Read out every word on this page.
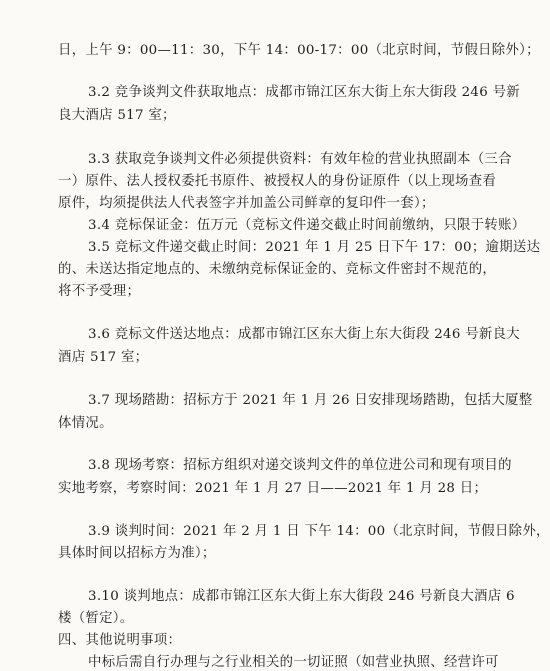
日，上午 9：00—11：30，下午 14：00-17：00（北京时间，节假日除外）；
3.2 竞争谈判文件获取地点：成都市锦江区东大街上东大街段 246 号新
良大酒店 517 室；
3.3 获取竞争谈判文件必须提供资料：有效年检的营业执照副本（三合
一）原件、法人授权委托书原件、被授权人的身份证原件（以上现场查看
原件，均须提供法人代表签字并加盖公司鲜章的复印件一套）；
3.4 竞标保证金：伍万元（竞标文件递交截止时间前缴纳，只限于转账）
3.5 竞标文件递交截止时间：2021 年 1 月 25 日下午 17：00；逾期送达
的、未送达指定地点的、未缴纳竞标保证金的、竞标文件密封不规范的，
将不予受理；
3.6 竞标文件送达地点：成都市锦江区东大街上东大街段 246 号新良大
酒店 517 室；
3.7 现场踏勘：招标方于 2021 年 1 月 26 日安排现场踏勘，包括大厦整
体情况。
3.8 现场考察：招标方组织对递交谈判文件的单位进公司和现有项目的
实地考察，考察时间：2021 年 1 月 27 日——2021 年 1 月 28 日；
3.9 谈判时间：2021 年 2 月 1 日 下午 14：00（北京时间，节假日除外，
具体时间以招标方为准）；
3.10 谈判地点：成都市锦江区东大街上东大街段 246 号新良大酒店 6
楼（暂定）。
四、其他说明事项：
中标后需自行办理与之行业相关的一切证照（如营业执照、经营许可
